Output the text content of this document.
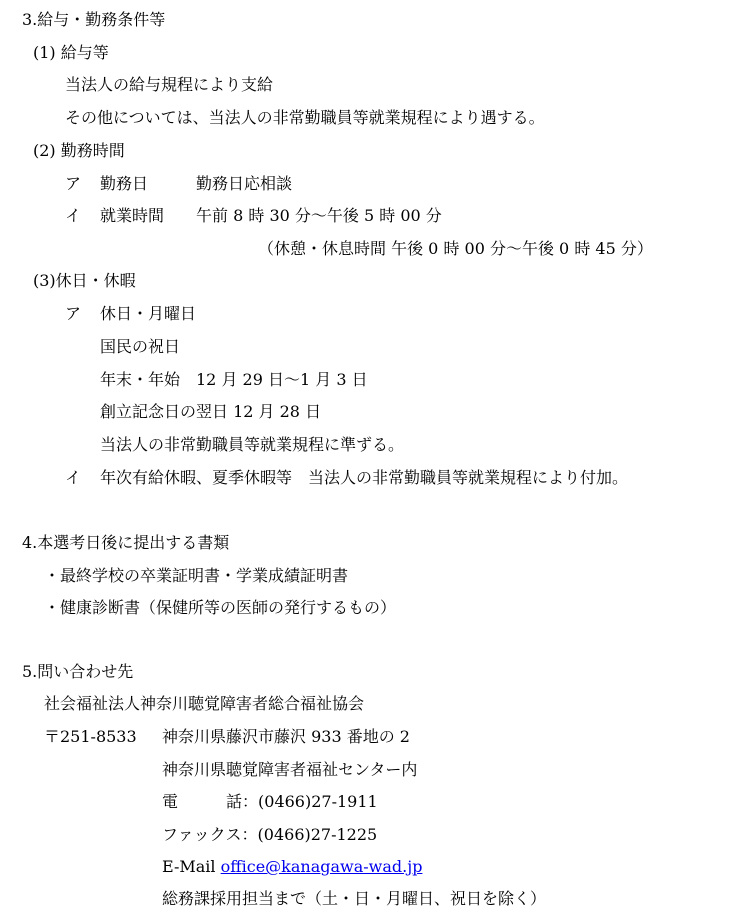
3.給与・勤務条件等

(1) 給与等

当法人の給与規程により支給

その他については、当法人の非常勤職員等就業規程により遇する。

(2) 勤務時間

ア 勤務日	勤務日応相談
イ 就業時間 午前 8 時 30 分〜午後 5 時 00 分

（休憩・休息時間 午後 0 時 00 分〜午後 0 時 45 分）

(3)休日・休暇

ア 休日・月曜日

国民の祝日

年末・年始　12 月 29 日〜1 月 3 日

創立記念日の翌日 12 月 28 日

当法人の非常勤職員等就業規程に準ずる。

イ 年次有給休暇、夏季休暇等　当法人の非常勤職員等就業規程により付加。

4.本選考日後に提出する書類

・最終学校の卒業証明書・学業成績証明書

・健康診断書（保健所等の医師の発行するもの）

5.問い合わせ先

社会福祉法人神奈川聴覚障害者総合福祉協会

〒251-8533 神奈川県藤沢市藤沢 933 番地の 2

神奈川県聴覚障害者福祉センター内

電　　　話：(0466)27-1911

ファックス：(0466)27-1225

E-Mail office@kanagawa-wad.jp

総務課採用担当まで（土・日・月曜日、祝日を除く）
